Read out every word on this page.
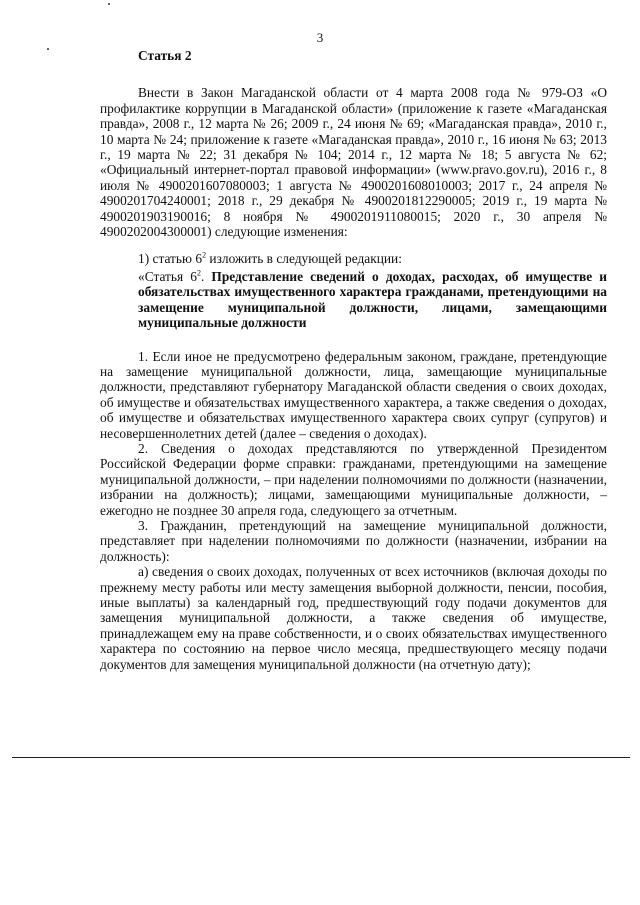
3
Статья 2

Внести в Закон Магаданской области от 4 марта 2008 года № 979-ОЗ «О профилактике коррупции в Магаданской области» (приложение к газете «Магаданская правда», 2008 г., 12 марта № 26; 2009 г., 24 июня № 69; «Магаданская правда», 2010 г., 10 марта № 24; приложение к газете «Магаданская правда», 2010 г., 16 июня № 63; 2013 г., 19 марта № 22; 31 декабря № 104; 2014 г., 12 марта № 18; 5 августа № 62; «Официальный интернет-портал правовой информации» (www.pravo.gov.ru), 2016 г., 8 июля № 4900201607080003; 1 августа № 4900201608010003; 2017 г., 24 апреля № 4900201704240001; 2018 г., 29 декабря № 4900201812290005; 2019 г., 19 марта № 4900201903190016; 8 ноября № 4900201911080015; 2020 г., 30 апреля № 4900202004300001) следующие изменения:

1) статью $6^2$ изложить в следующей редакции:

«Статья $6^2$. Представление сведений о доходах, расходах, об имуществе и обязательствах имущественного характера гражданами, претендующими на замещение муниципальной должности, лицами, замещающими муниципальные должности

1. Если иное не предусмотрено федеральным законом, граждане, претендующие на замещение муниципальной должности, лица, замещающие муниципальные должности, представляют губернатору Магаданской области сведения о своих доходах, об имуществе и обязательствах имущественного характера, а также сведения о доходах, об имуществе и обязательствах имущественного характера своих супруг (супругов) и несовершеннолетних детей (далее – сведения о доходах).

2. Сведения о доходах представляются по утвержденной Президентом Российской Федерации форме справки: гражданами, претендующими на замещение муниципальной должности, – при наделении полномочиями по должности (назначении, избрании на должность); лицами, замещающими муниципальные должности, – ежегодно не позднее 30 апреля года, следующего за отчетным.

3. Гражданин, претендующий на замещение муниципальной должности, представляет при наделении полномочиями по должности (назначении, избрании на должность):

а) сведения о своих доходах, полученных от всех источников (включая доходы по прежнему месту работы или месту замещения выборной должности, пенсии, пособия, иные выплаты) за календарный год, предшествующий году подачи документов для замещения муниципальной должности, а также сведения об имуществе, принадлежащем ему на праве собственности, и о своих обязательствах имущественного характера по состоянию на первое число месяца, предшествующего месяцу подачи документов для замещения муниципальной должности (на отчетную дату);
